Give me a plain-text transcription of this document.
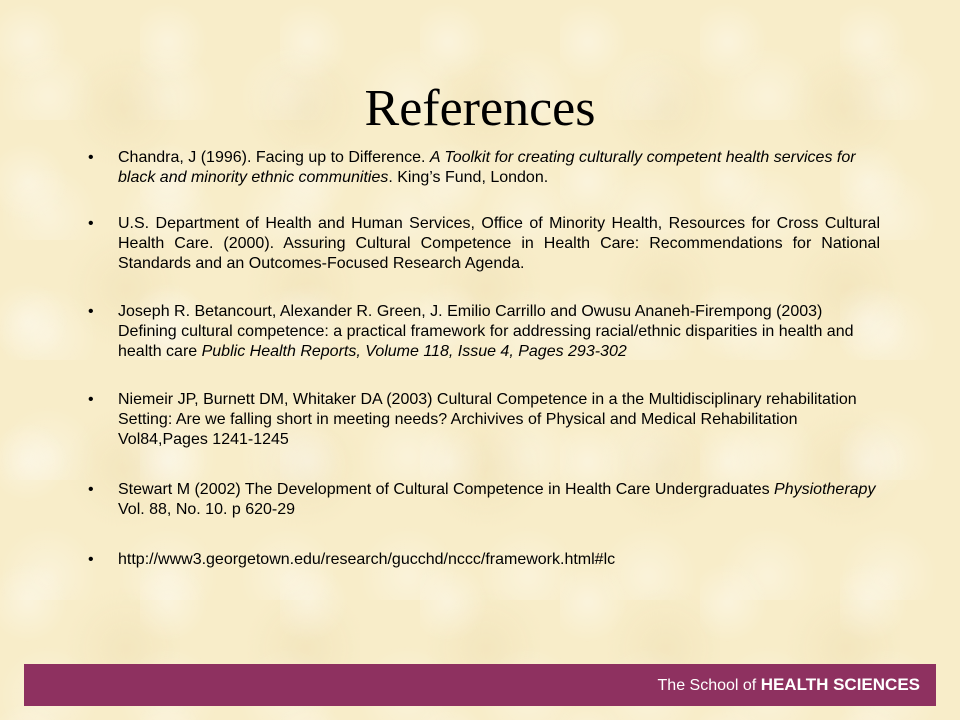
References
• Chandra, J (1996). Facing up to Difference. A Toolkit for creating culturally competent health services for black and minority ethnic communities. King’s Fund, London.
• U.S. Department of Health and Human Services, Office of Minority Health, Resources for Cross Cultural Health Care. (2000). Assuring Cultural Competence in Health Care: Recommendations for National Standards and an Outcomes-Focused Research Agenda.
• Joseph R. Betancourt, Alexander R. Green, J. Emilio Carrillo and Owusu Ananeh-Firempong (2003) Defining cultural competence: a practical framework for addressing racial/ethnic disparities in health and health care Public Health Reports, Volume 118, Issue 4, Pages 293-302
• Niemeir JP, Burnett DM, Whitaker DA (2003) Cultural Competence in a the Multidisciplinary rehabilitation Setting: Are we falling short in meeting needs? Archivives of Physical and Medical Rehabilitation Vol84,Pages 1241-1245
• Stewart M (2002) The Development of Cultural Competence in Health Care Undergraduates Physiotherapy Vol. 88, No. 10. p 620-29
• http://www3.georgetown.edu/research/gucchd/nccc/framework.html#lc
The School of HEALTH SCIENCES
